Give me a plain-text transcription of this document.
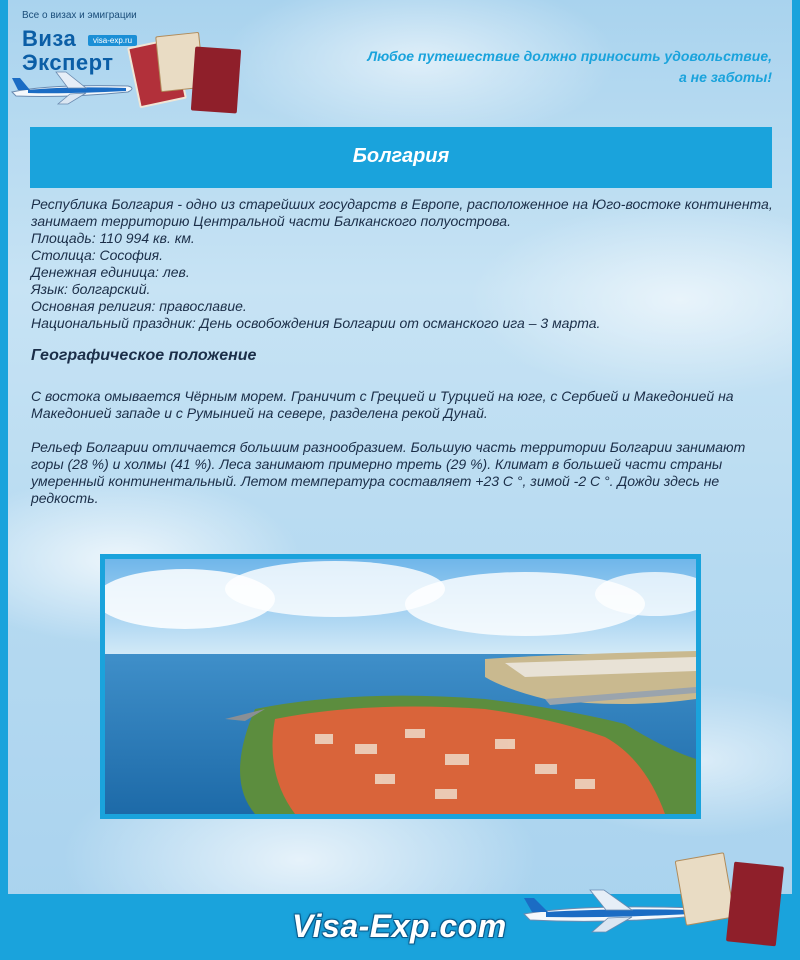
Все о визах и эмиграции
Виза	visa-exp.ru
Эксперт	Любое путешествие должно приносить удовольствие,
а не заботы!
Болгария

Республика Болгария - одно из старейших государств в Европе, расположенное на Юго-востоке континента, занимает территорию Центральной части Балканского полуострова.

Площадь: 110 994 кв. км.

Столица: Сософия.

Денежная единица: лев.

Язык: болгарский.

Основная религия: православие.

Национальный праздник: День освобождения Болгарии от османского ига – 3 марта.

Географическое положение

С востока омывается Чёрным морем. Граничит с Грецией и Турцией на юге, с Сербией и Македонией на Македонией западе и с Румынией на севере, разделена рекой Дунай.

Рельеф Болгарии отличается большим разнообразием. Большую часть территории Болгарии занимают горы (28 %) и холмы (41 %). Леса занимают примерно треть (29 %). Климат в большей части страны умеренный континентальный. Летом температура составляет +23 С °, зимой -2 С °. Дожди здесь не редкость.

Visa-Exp.com
